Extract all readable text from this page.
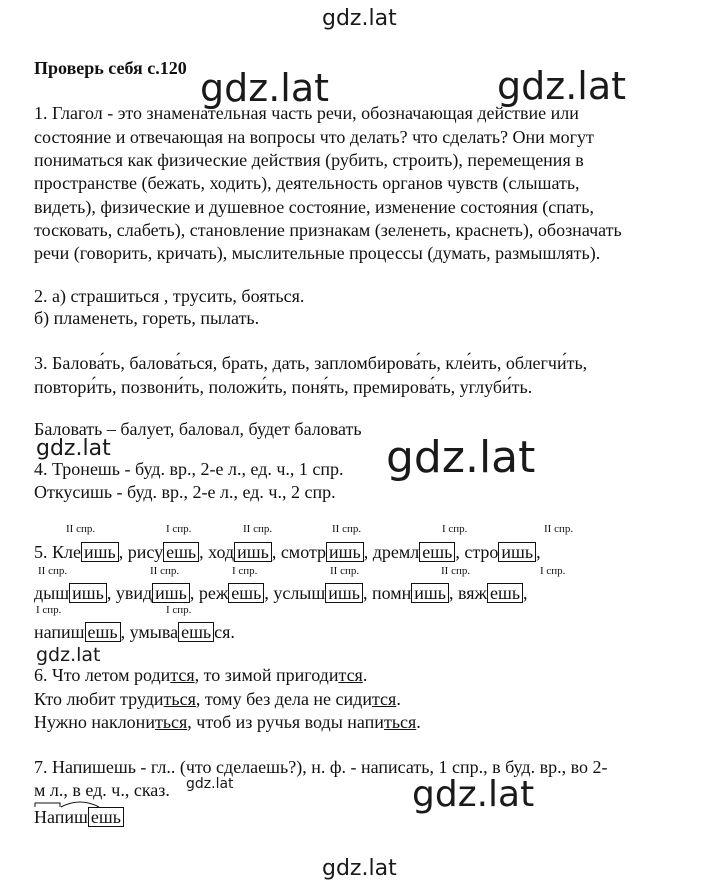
gdz.lat
Проверь себя с.120 gdz.lat	gdz.lat
1. Глагол - это знаменательная часть речи, обозначающая действие или
состояние и отвечающая на вопросы что делать? что сделать? Они могут
пониматься как физические действия (рубить, строить), перемещения в
пространстве (бежать, ходить), деятельность органов чувств (слышать,
видеть), физические и душевное состояние, изменение состояния (спать,
тосковать, слабеть), становление признакам (зеленеть, краснеть), обозначать
речи (говорить, кричать), мыслительные процессы (думать, размышлять).
2. а) страшиться , трусить, бояться.
б) пламенеть, гореть, пылать.
3. Балова́ть, балова́ться, брать, дать, запломбирова́ть, кле́ить, облегчи́ть,
повтори́ть, позвони́ть, положи́ть, поня́ть, премирова́ть, углуби́ть.
Баловать – балует, баловал, будет баловать
gdz.lat	gdz.lat
4. Тронешь - буд. вр., 2-е л., ед. ч., 1 спр.
Откусишь - буд. вр., 2-е л., ед. ч., 2 спр.
II спр.	I спр.	II спр.	II спр.	I спр.	II спр.
5. Кле ишь , рису ешь , ход ишь , смотр ишь , дремл ешь , стро ишь ,
II спр.	II спр.	I спр.	II спр.	II спр.	I спр.
дыш ишь , увид ишь , реж ешь , услыш ишь , помн ишь , вяж ешь ,
I спр.	I спр.
напиш ешь , умыва ешь ся.
gdz.lat
6. Что летом родится, то зимой пригодится.
Кто любит трудиться, тому без дела не сидится.
Нужно наклониться, чтоб из ручья воды напиться.
7. Напишешь - гл.. (что сделаешь?), н. ф. - написать, 1 спр., в буд. вр., во 2-
м л., в ед. ч., сказ. gdz.lat
Напиш ешь
gdz.lat
gdz.lat
